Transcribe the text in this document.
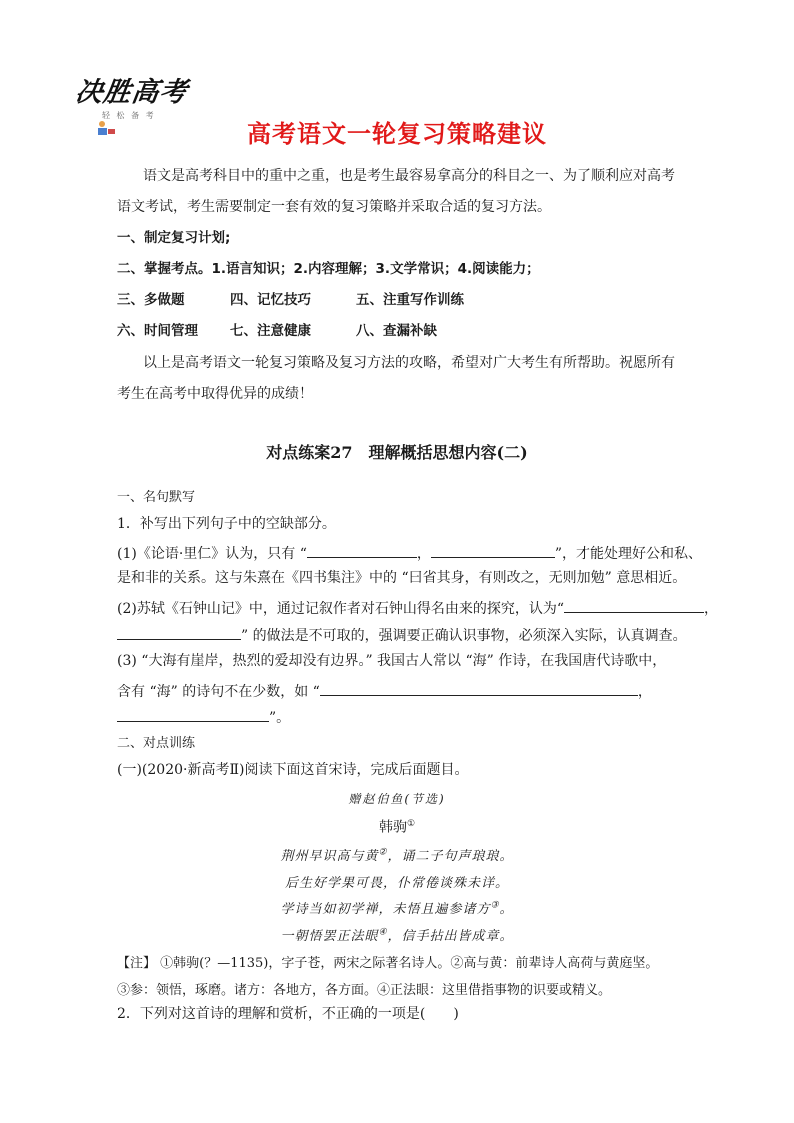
决胜高考
轻 松 备 考
高考语文一轮复习策略建议
语文是高考科目中的重中之重，也是考生最容易拿高分的科目之一、为了顺利应对高考
语文考试，考生需要制定一套有效的复习策略并采取合适的复习方法。
一、制定复习计划;
二、掌握考点。1.语言知识；2.内容理解；3.文学常识；4.阅读能力；
三、多做题	四、记忆技巧	五、注重写作训练
六、时间管理 七、注意健康	八、查漏补缺
以上是高考语文一轮复习策略及复习方法的攻略，希望对广大考生有所帮助。祝愿所有
考生在高考中取得优异的成绩！
对点练案27　理解概括思想内容(二)
一、名句默写
1．补写出下列句子中的空缺部分。
(1)《论语·里仁》认为，只有 “	，	”，才能处理好公和私、
是和非的关系。这与朱熹在《四书集注》中的 “曰省其身，有则改之，无则加勉” 意思相近。
(2)苏轼《石钟山记》中，通过记叙作者对石钟山得名由来的探究，认为“	，
” 的做法是不可取的，强调要正确认识事物，必须深入实际，认真调查。
(3) “大海有崖岸，热烈的爱却没有边界。” 我国古人常以 “海” 作诗，在我国唐代诗歌中，
含有 “海” 的诗句不在少数，如 “	，
”。
二、对点训练
(一)(2020·新高考Ⅱ)阅读下面这首宋诗，完成后面题目。
赠赵伯鱼(节选)
韩驹①
荆州早识高与黄②，诵二子句声琅琅。
后生好学果可畏，仆常倦谈殊未详。
学诗当如初学禅，未悟且遍参诸方③。
一朝悟罢正法眼④，信手拈出皆成章。
【注】 ①韩驹(？—1135)，字子苍，两宋之际著名诗人。②高与黄：前辈诗人高荷与黄庭坚。
③参：领悟，琢磨。诸方：各地方，各方面。④正法眼：这里借指事物的识要或精义。
2．下列对这首诗的理解和赏析，不正确的一项是(　　)
